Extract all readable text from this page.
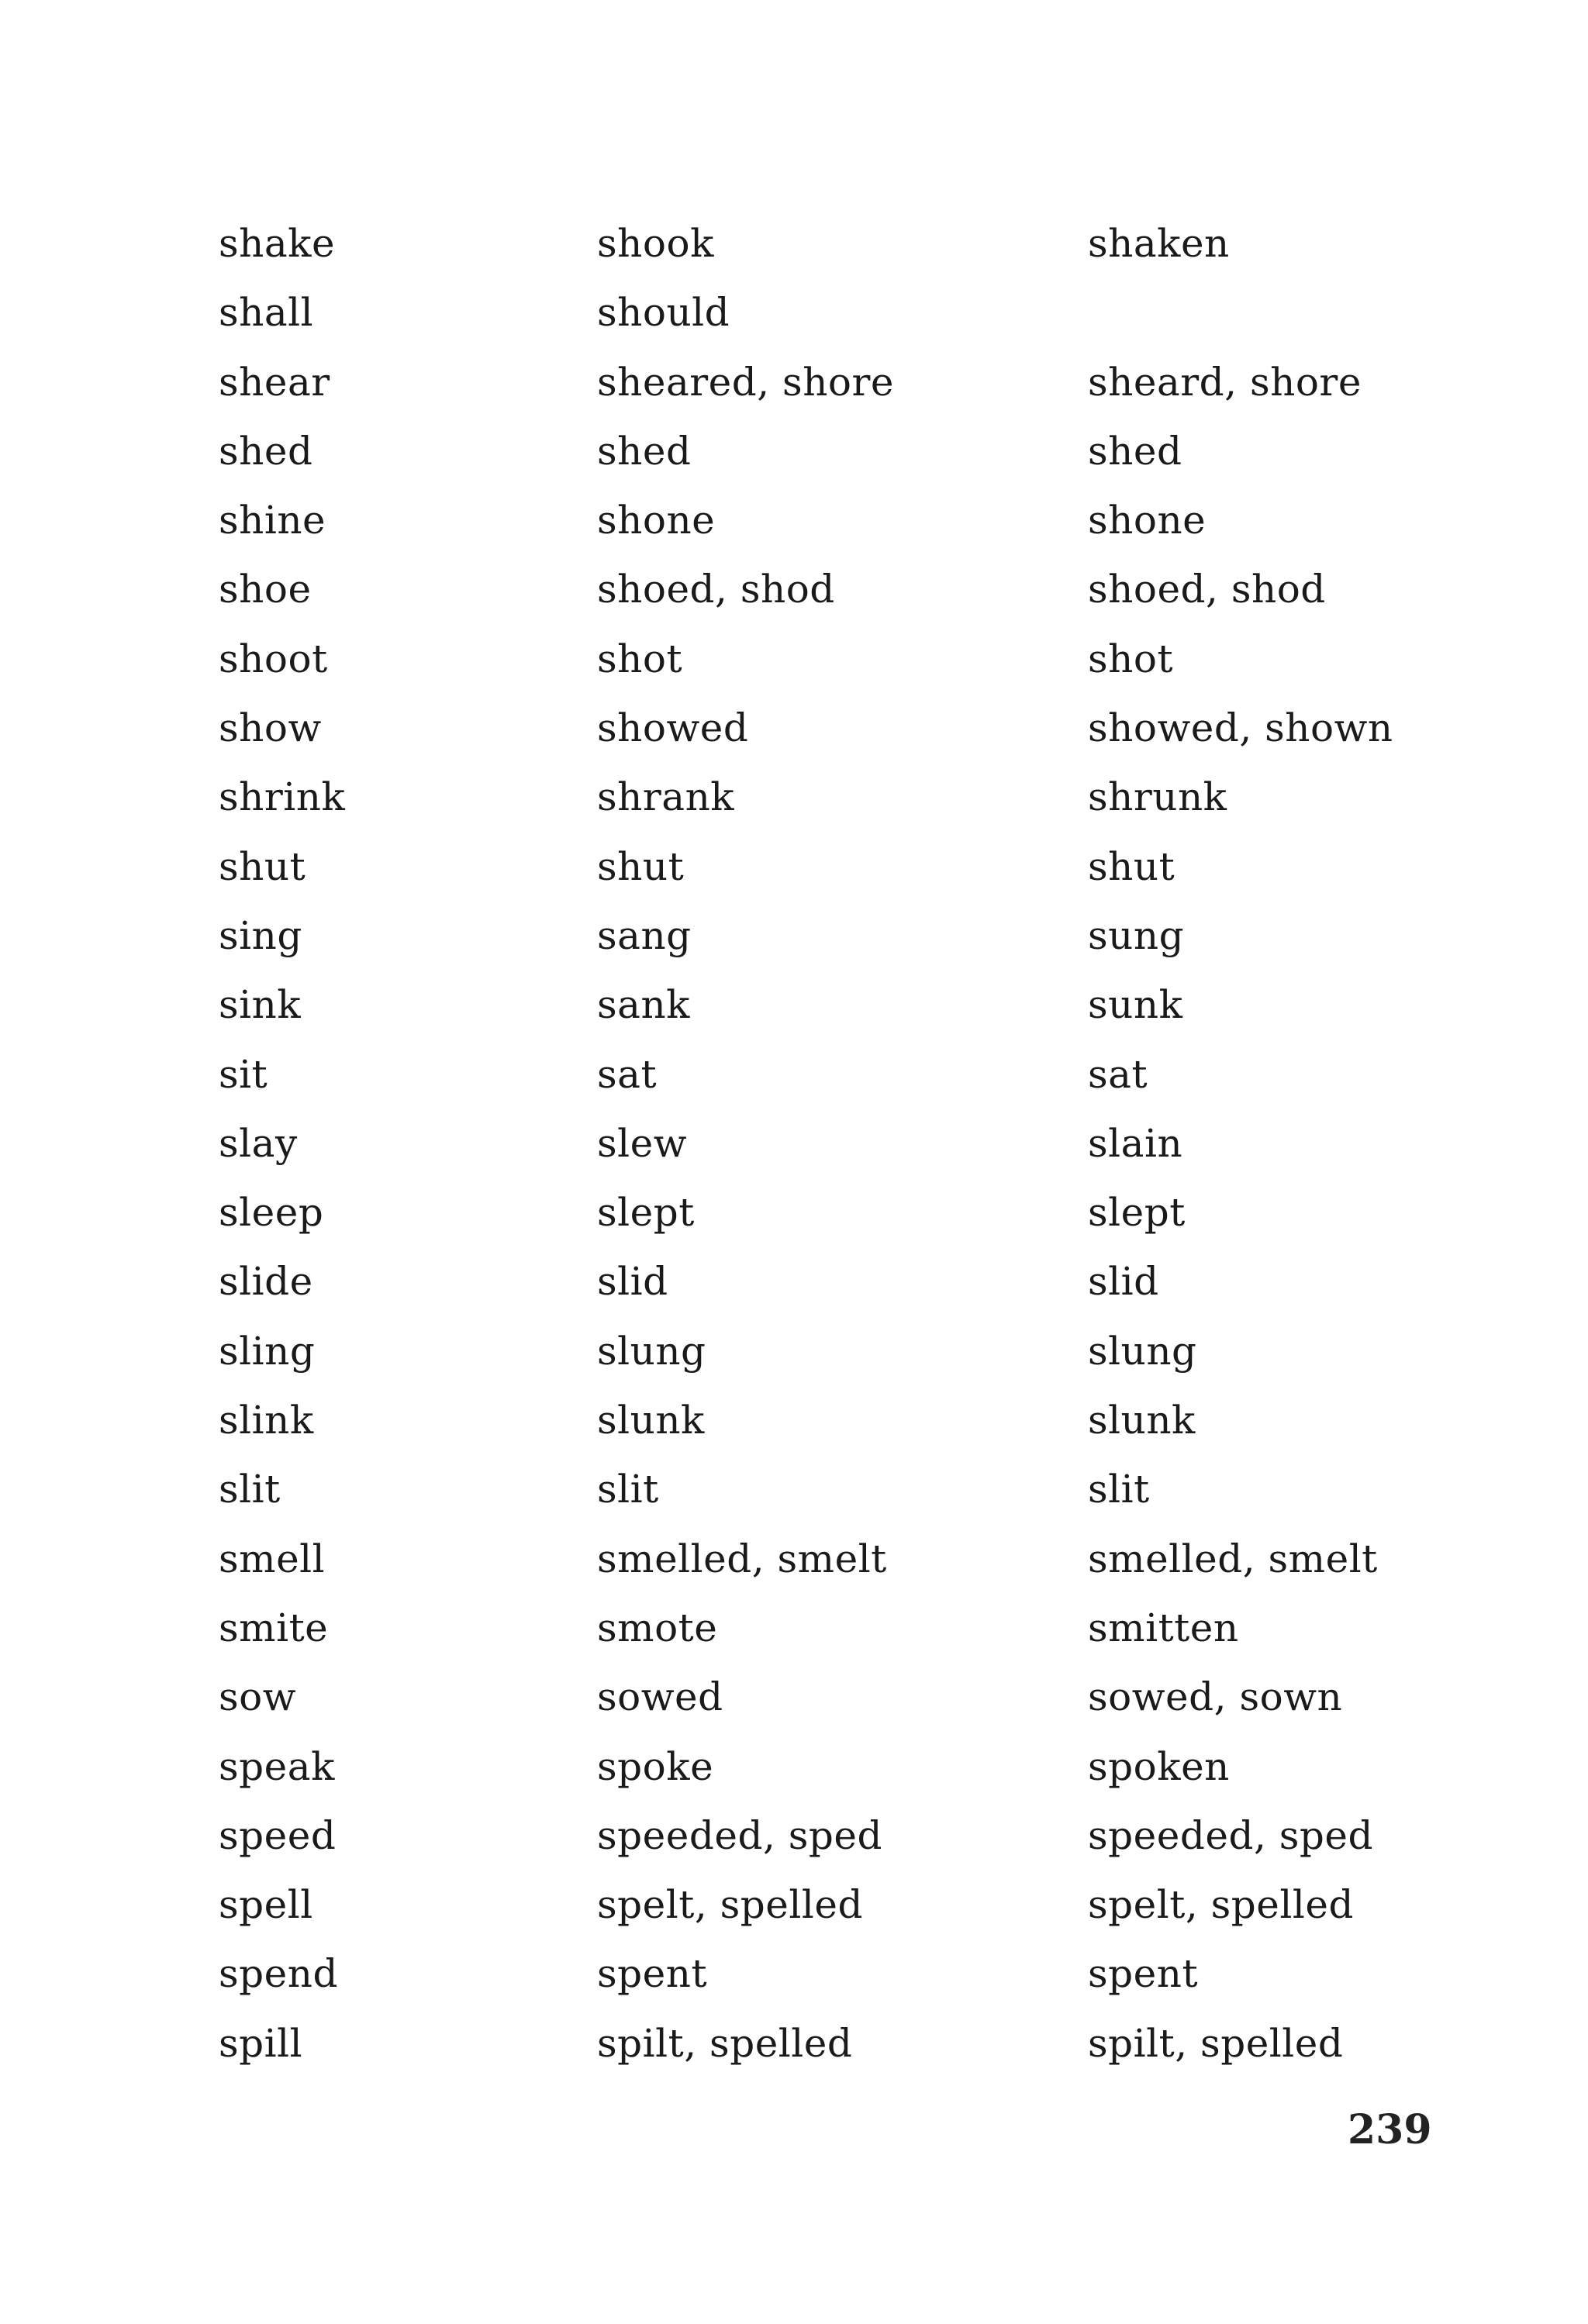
shake	shook	shaken
shall	should
shear	sheared, shore	sheard, shore
shed	shed	shed
shine	shone	shone
shoe	shoed, shod	shoed, shod
shoot	shot	shot
show	showed	showed, shown
shrink	shrank	shrunk
shut	shut	shut
sing	sang	sung
sink	sank	sunk
sit	sat	sat
slay	slew	slain
sleep	slept	slept
slide	slid	slid
sling	slung	slung
slink	slunk	slunk
slit	slit	slit
smell	smelled, smelt	smelled, smelt
smite	smote	smitten
sow	sowed	sowed, sown
speak	spoke	spoken
speed	speeded, sped	speeded, sped
spell	spelt, spelled	spelt, spelled
spend	spent	spent
spill	spilt, spelled	spilt, spelled
239
